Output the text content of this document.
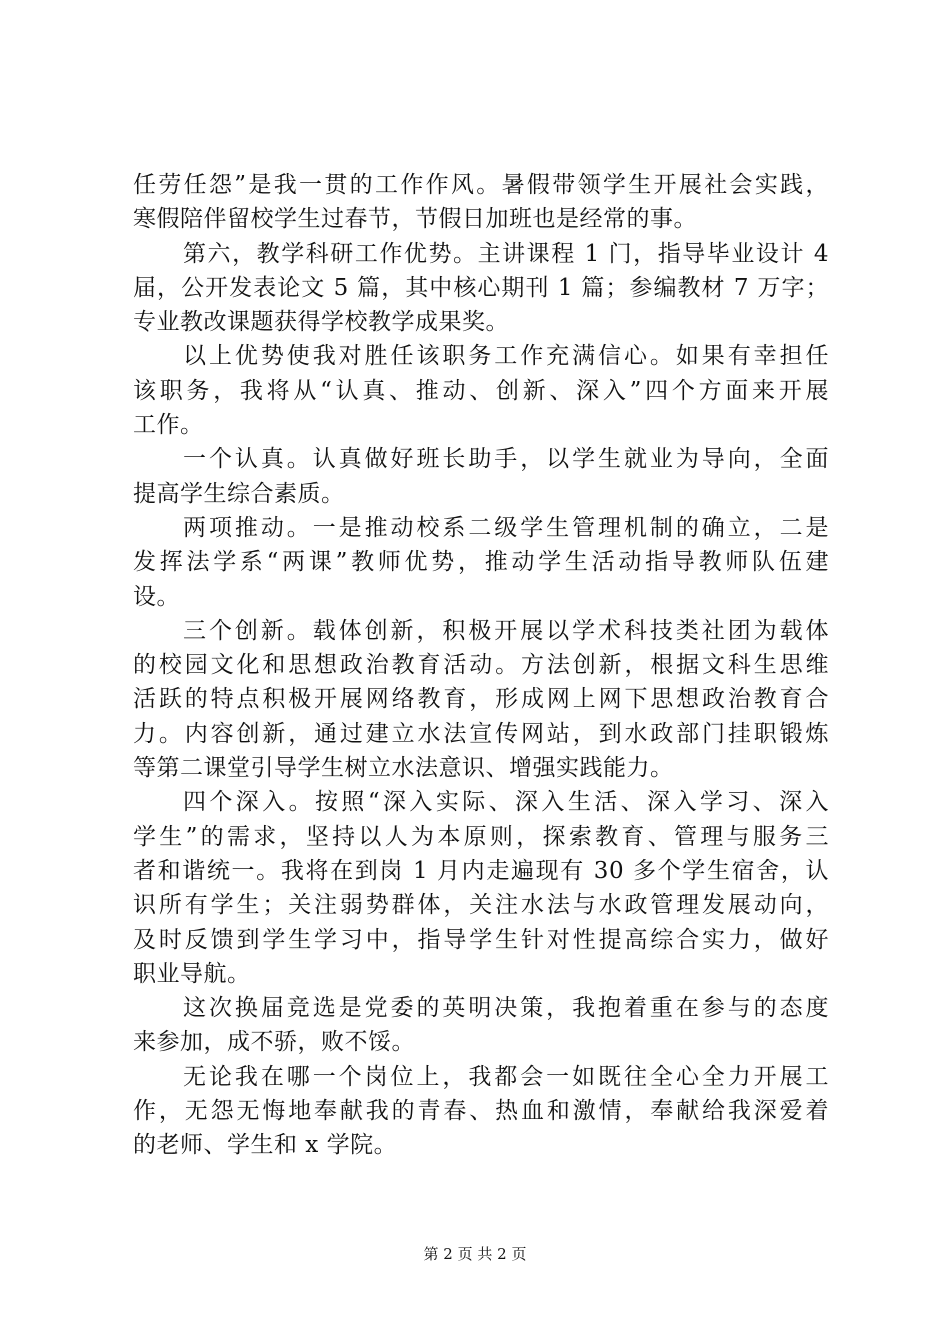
任劳任怨”是我一贯的工作作风。暑假带领学生开展社会实践，
寒假陪伴留校学生过春节，节假日加班也是经常的事。
第六，教学科研工作优势。主讲课程 1 门，指导毕业设计 4
届，公开发表论文 5 篇，其中核心期刊 1 篇；参编教材 7 万字；
专业教改课题获得学校教学成果奖。
以上优势使我对胜任该职务工作充满信心。如果有幸担任
该职务，我将从“认真、推动、创新、深入”四个方面来开展
工作。
一个认真。认真做好班长助手，以学生就业为导向，全面
提高学生综合素质。
两项推动。一是推动校系二级学生管理机制的确立，二是
发挥法学系“两课”教师优势，推动学生活动指导教师队伍建
设。
三个创新。载体创新，积极开展以学术科技类社团为载体
的校园文化和思想政治教育活动。方法创新，根据文科生思维
活跃的特点积极开展网络教育，形成网上网下思想政治教育合
力。内容创新，通过建立水法宣传网站，到水政部门挂职锻炼
等第二课堂引导学生树立水法意识、增强实践能力。
四个深入。按照“深入实际、深入生活、深入学习、深入
学生”的需求，坚持以人为本原则，探索教育、管理与服务三
者和谐统一。我将在到岗 1 月内走遍现有 30 多个学生宿舍，认
识所有学生；关注弱势群体，关注水法与水政管理发展动向，
及时反馈到学生学习中，指导学生针对性提高综合实力，做好
职业导航。
这次换届竞选是党委的英明决策，我抱着重在参与的态度
来参加，成不骄，败不馁。
无论我在哪一个岗位上，我都会一如既往全心全力开展工
作，无怨无悔地奉献我的青春、热血和激情，奉献给我深爱着
的老师、学生和 x 学院。
第 2 页 共 2 页
